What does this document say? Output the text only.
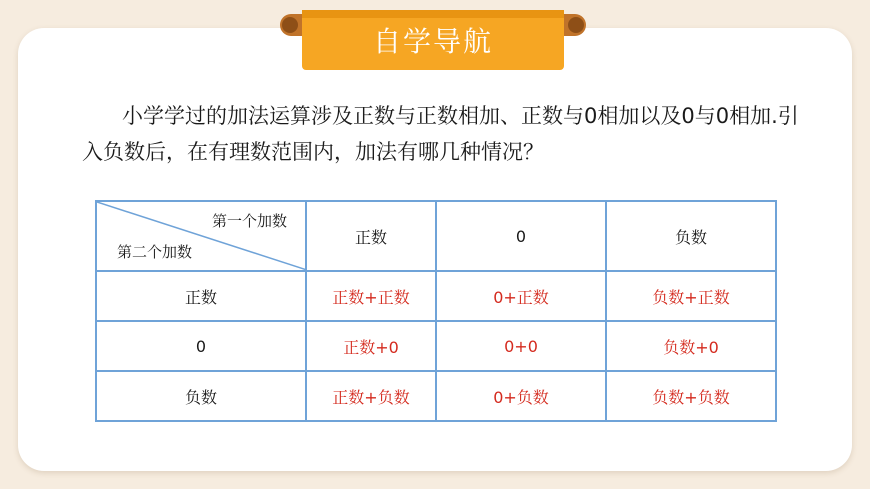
自学导航
小学学过的加法运算涉及正数与正数相加、正数与0相加以及0与0相加.引入负数后，在有理数范围内，加法有哪几种情况？
第一个加数
第二个加数	正数	0	负数
正数	正数+正数	0+正数	负数+正数
0	正数+0	0+0	负数+0
负数	正数+负数	0+负数	负数+负数
